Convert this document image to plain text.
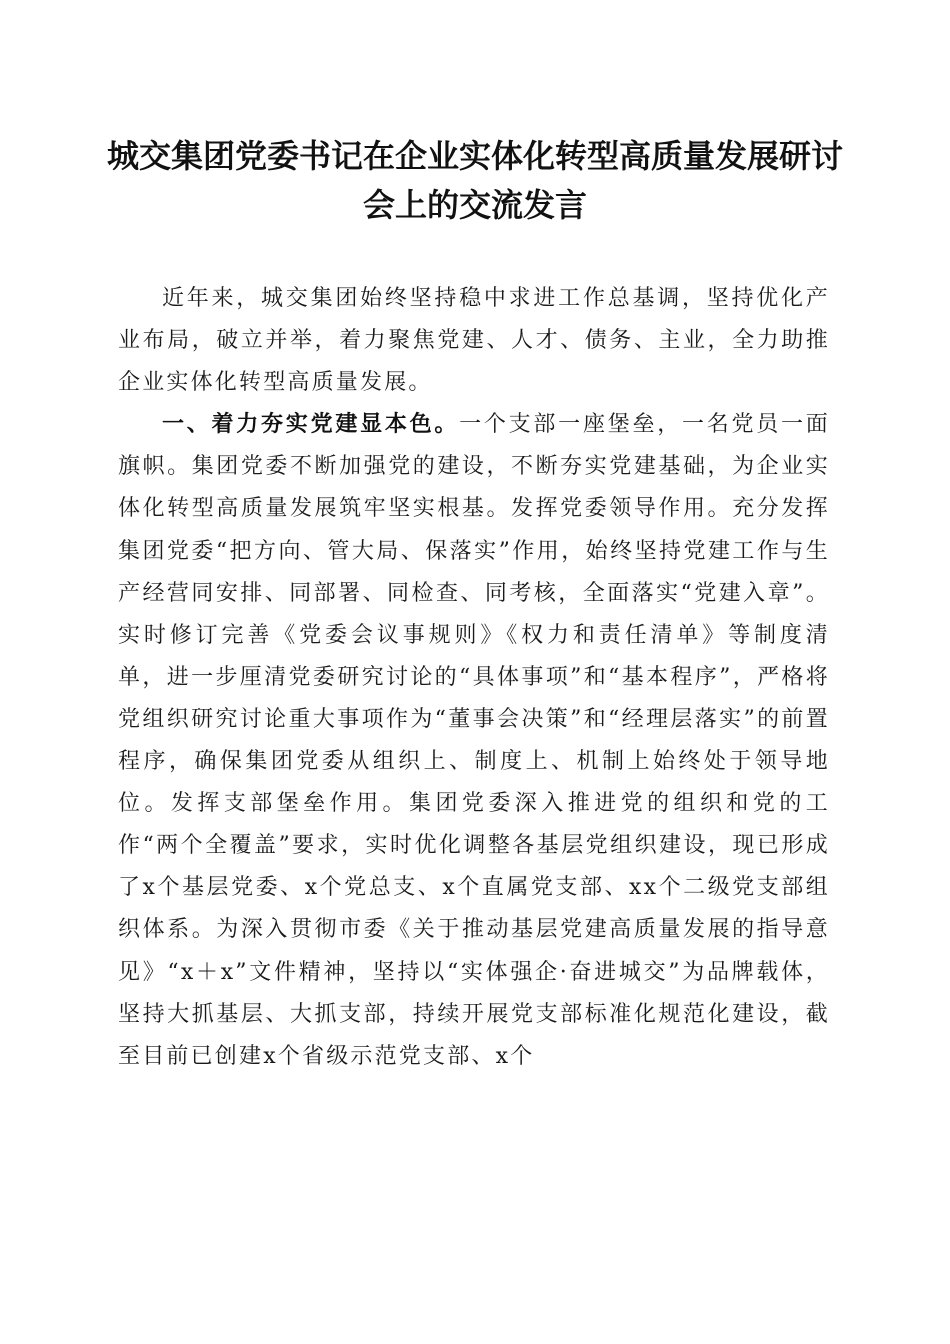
城交集团党委书记在企业实体化转型高质量发展研讨会上的交流发言

近年来，城交集团始终坚持稳中求进工作总基调，坚持优化产业布局，破立并举，着力聚焦党建、人才、债务、主业，全力助推企业实体化转型高质量发展。

一、着力夯实党建显本色。一个支部一座堡垒，一名党员一面旗帜。集团党委不断加强党的建设，不断夯实党建基础，为企业实体化转型高质量发展筑牢坚实根基。发挥党委领导作用。充分发挥集团党委“把方向、管大局、保落实”作用，始终坚持党建工作与生产经营同安排、同部署、同检查、同考核，全面落实“党建入章”。实时修订完善《党委会议事规则》《权力和责任清单》等制度清单，进一步厘清党委研究讨论的“具体事项”和“基本程序”，严格将党组织研究讨论重大事项作为“董事会决策”和“经理层落实”的前置程序，确保集团党委从组织上、制度上、机制上始终处于领导地位。发挥支部堡垒作用。集团党委深入推进党的组织和党的工作“两个全覆盖”要求，实时优化调整各基层党组织建设，现已形成了x个基层党委、x个党总支、x个直属党支部、xx个二级党支部组织体系。为深入贯彻市委《关于推动基层党建高质量发展的指导意见》“x＋x”文件精神，坚持以“实体强企·奋进城交”为品牌载体，坚持大抓基层、大抓支部，持续开展党支部标准化规范化建设，截至目前已创建x个省级示范党支部、x个
